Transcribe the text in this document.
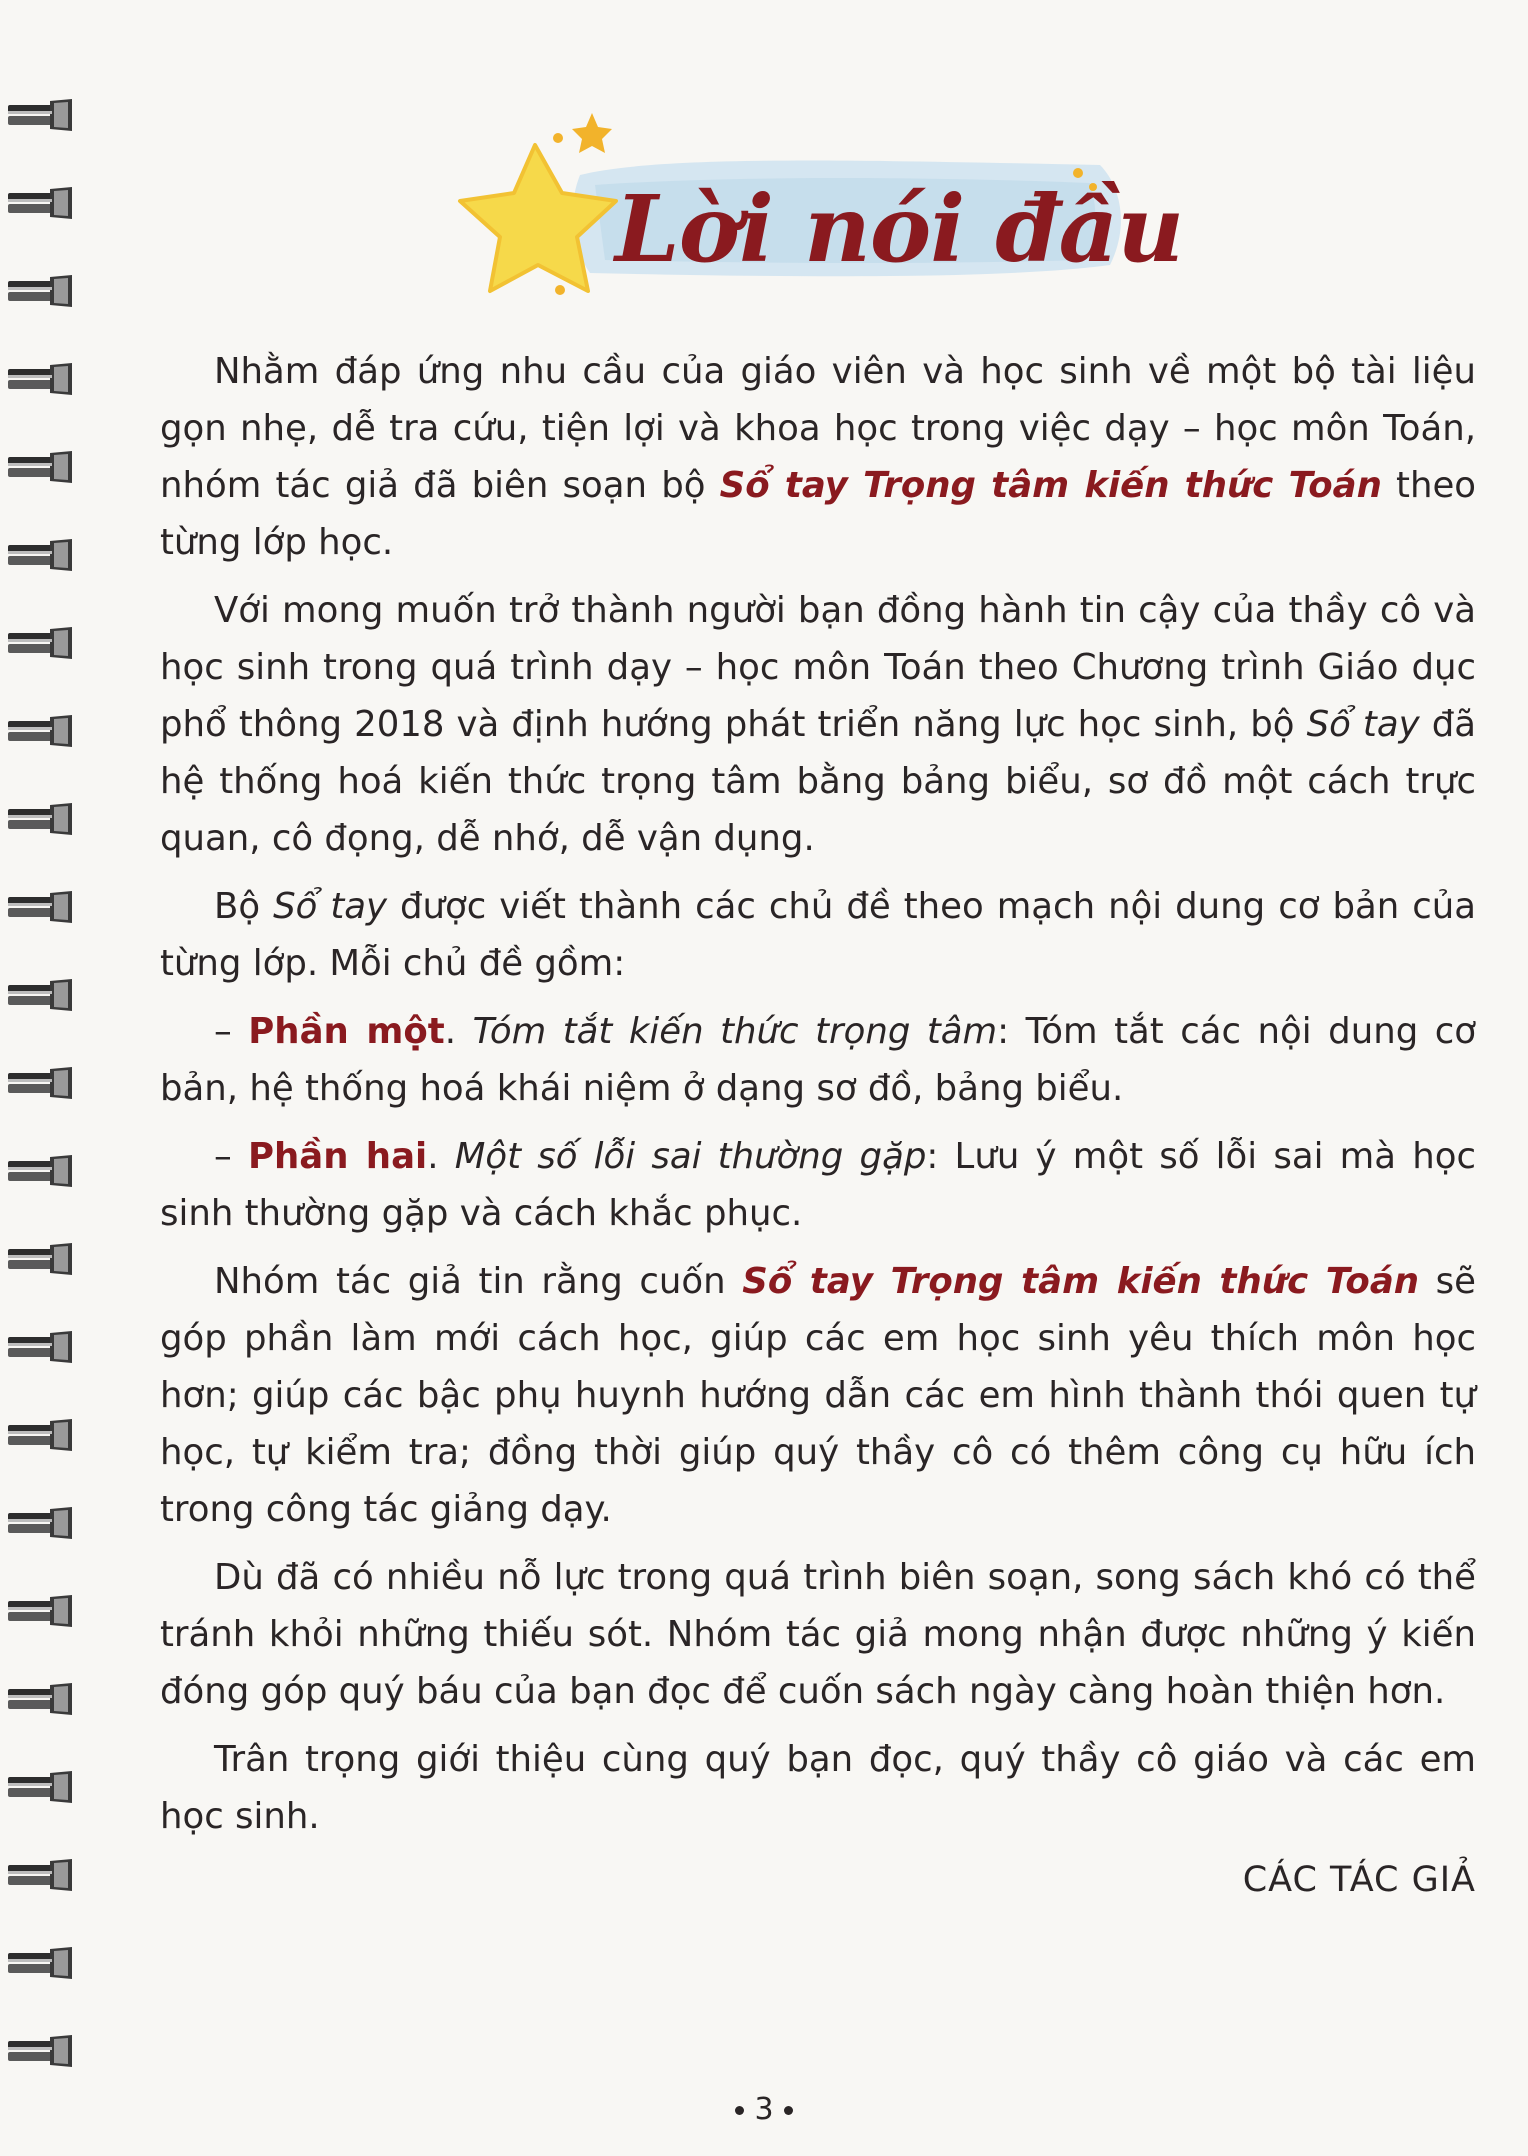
Lời nói đầu

Nhằm đáp ứng nhu cầu của giáo viên và học sinh về một bộ tài liệu gọn nhẹ, dễ tra cứu, tiện lợi và khoa học trong việc dạy – học môn Toán, nhóm tác giả đã biên soạn bộ Sổ tay Trọng tâm kiến thức Toán theo từng lớp học.

Với mong muốn trở thành người bạn đồng hành tin cậy của thầy cô và học sinh trong quá trình dạy – học môn Toán theo Chương trình Giáo dục phổ thông 2018 và định hướng phát triển năng lực học sinh, bộ Sổ tay đã hệ thống hoá kiến thức trọng tâm bằng bảng biểu, sơ đồ một cách trực quan, cô đọng, dễ nhớ, dễ vận dụng.

Bộ Sổ tay được viết thành các chủ đề theo mạch nội dung cơ bản của từng lớp. Mỗi chủ đề gồm:

– Phần một. Tóm tắt kiến thức trọng tâm: Tóm tắt các nội dung cơ bản, hệ thống hoá khái niệm ở dạng sơ đồ, bảng biểu.

– Phần hai. Một số lỗi sai thường gặp: Lưu ý một số lỗi sai mà học sinh thường gặp và cách khắc phục.

Nhóm tác giả tin rằng cuốn Sổ tay Trọng tâm kiến thức Toán sẽ góp phần làm mới cách học, giúp các em học sinh yêu thích môn học hơn; giúp các bậc phụ huynh hướng dẫn các em hình thành thói quen tự học, tự kiểm tra; đồng thời giúp quý thầy cô có thêm công cụ hữu ích trong công tác giảng dạy.

Dù đã có nhiều nỗ lực trong quá trình biên soạn, song sách khó có thể tránh khỏi những thiếu sót. Nhóm tác giả mong nhận được những ý kiến đóng góp quý báu của bạn đọc để cuốn sách ngày càng hoàn thiện hơn.

Trân trọng giới thiệu cùng quý bạn đọc, quý thầy cô giáo và các em học sinh.

CÁC TÁC GIẢ
3
